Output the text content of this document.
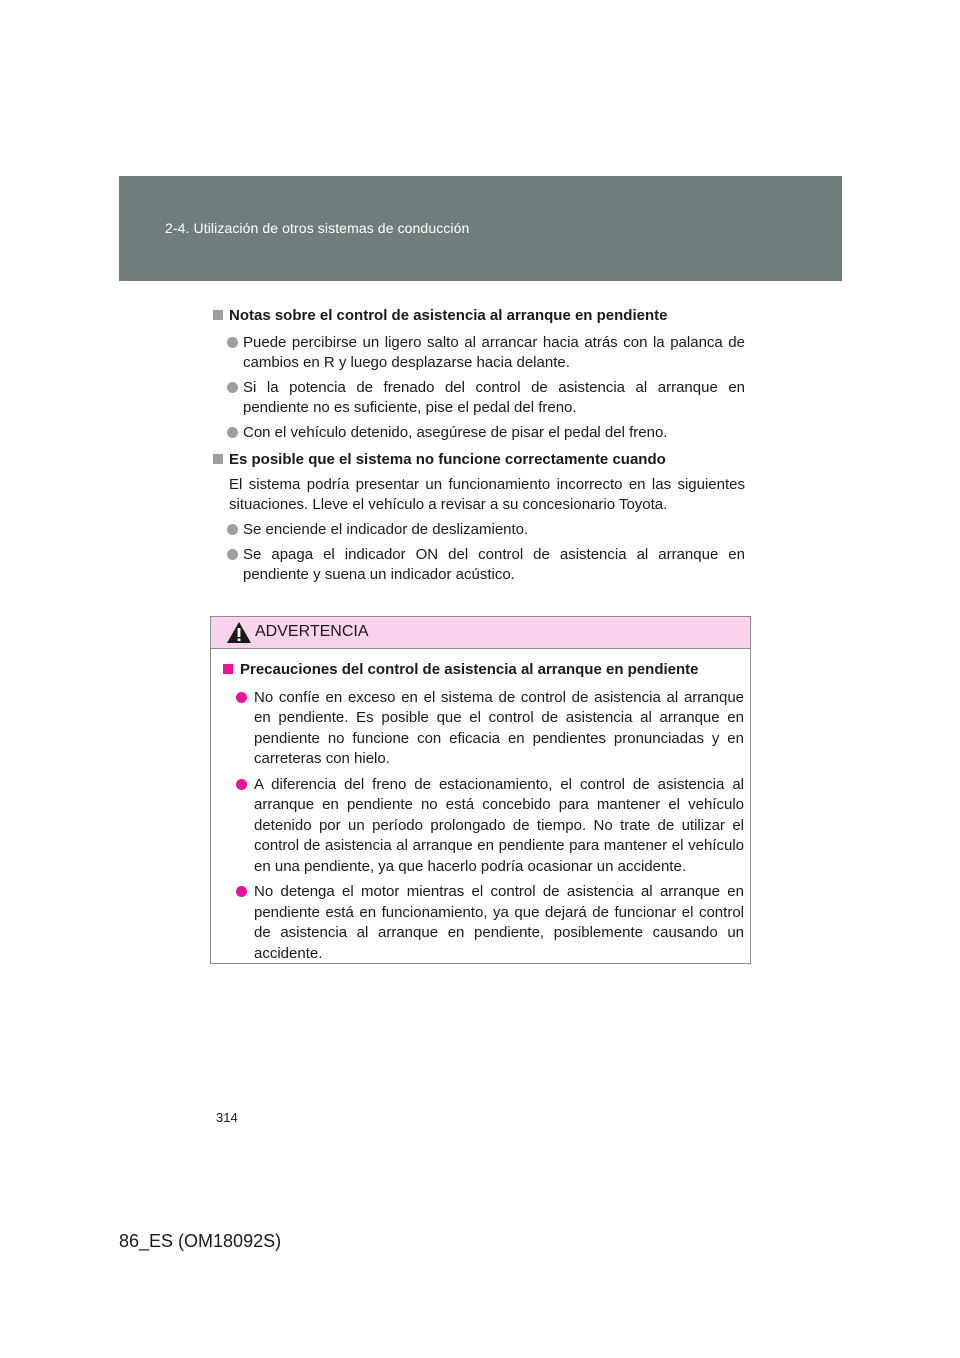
2-4. Utilización de otros sistemas de conducción
Notas sobre el control de asistencia al arranque en pendiente
Puede percibirse un ligero salto al arrancar hacia atrás con la palanca de cambios en R y luego desplazarse hacia delante.
Si la potencia de frenado del control de asistencia al arranque en pendiente no es suficiente, pise el pedal del freno.
Con el vehículo detenido, asegúrese de pisar el pedal del freno.
Es posible que el sistema no funcione correctamente cuando
El sistema podría presentar un funcionamiento incorrecto en las siguientes situaciones. Lleve el vehículo a revisar a su concesionario Toyota.
Se enciende el indicador de deslizamiento.
Se apaga el indicador ON del control de asistencia al arranque en pendiente y suena un indicador acústico.
ADVERTENCIA
Precauciones del control de asistencia al arranque en pendiente
No confíe en exceso en el sistema de control de asistencia al arranque en pendiente. Es posible que el control de asistencia al arranque en pendiente no funcione con eficacia en pendientes pronunciadas y en carreteras con hielo.
A diferencia del freno de estacionamiento, el control de asistencia al arranque en pendiente no está concebido para mantener el vehículo detenido por un período prolongado de tiempo. No trate de utilizar el control de asistencia al arranque en pendiente para mantener el vehículo en una pendiente, ya que hacerlo podría ocasionar un accidente.
No detenga el motor mientras el control de asistencia al arranque en pendiente está en funcionamiento, ya que dejará de funcionar el control de asistencia al arranque en pendiente, posiblemente causando un accidente.
314
86_ES (OM18092S)
